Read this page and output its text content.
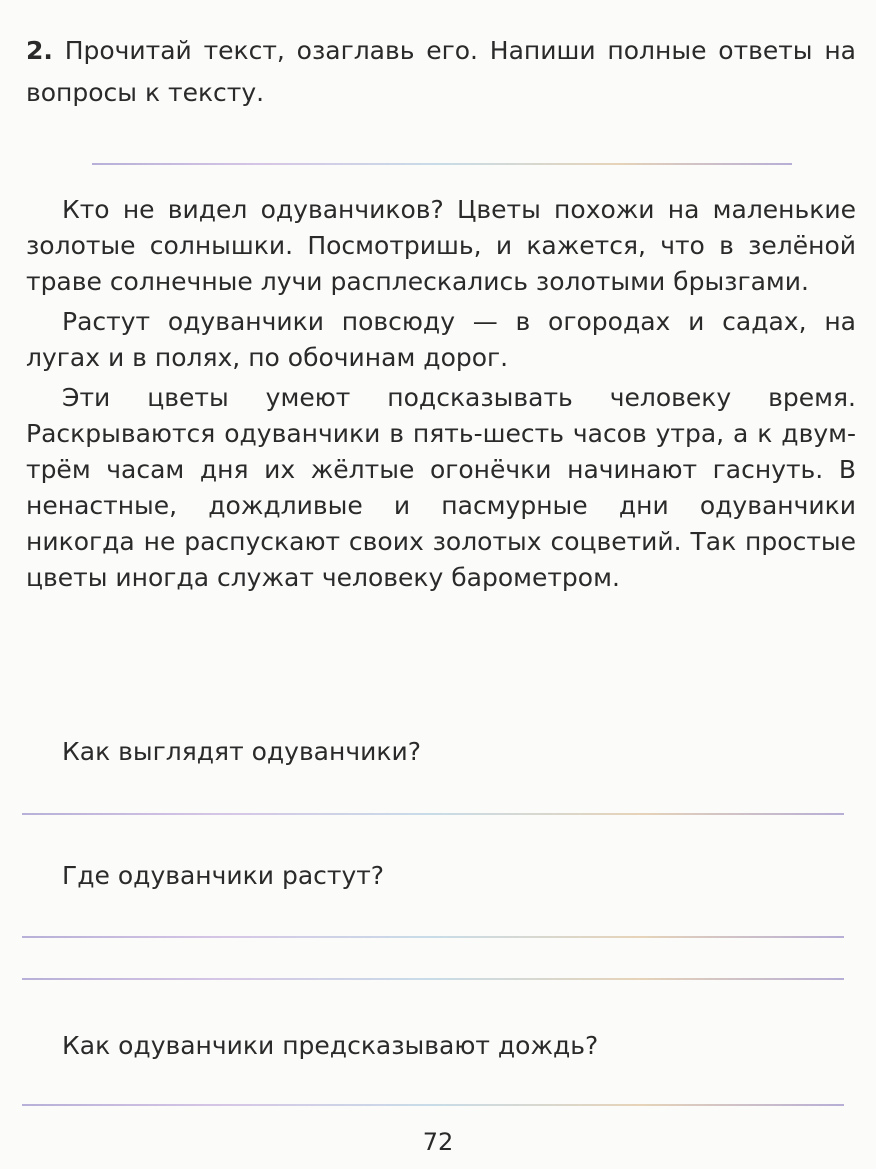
2. Прочитай текст, озаглавь его. Напиши полные ответы на вопросы к тексту.

Кто не видел одуванчиков? Цветы похожи на маленькие золотые солнышки. Посмотришь, и кажется, что в зелёной траве солнечные лучи расплескались золотыми брызгами.

Растут одуванчики повсюду — в огородах и садах, на лугах и в полях, по обочинам дорог.

Эти цветы умеют подсказывать человеку время. Раскрываются одуванчики в пять-шесть часов утра, а к двум-трём часам дня их жёлтые огонёчки начинают гаснуть. В ненастные, дождливые и пасмурные дни одуванчики никогда не распускают своих золотых соцветий. Так простые цветы иногда служат человеку барометром.

Как выглядят одуванчики?
Где одуванчики растут?
Как одуванчики предсказывают дождь?
72
